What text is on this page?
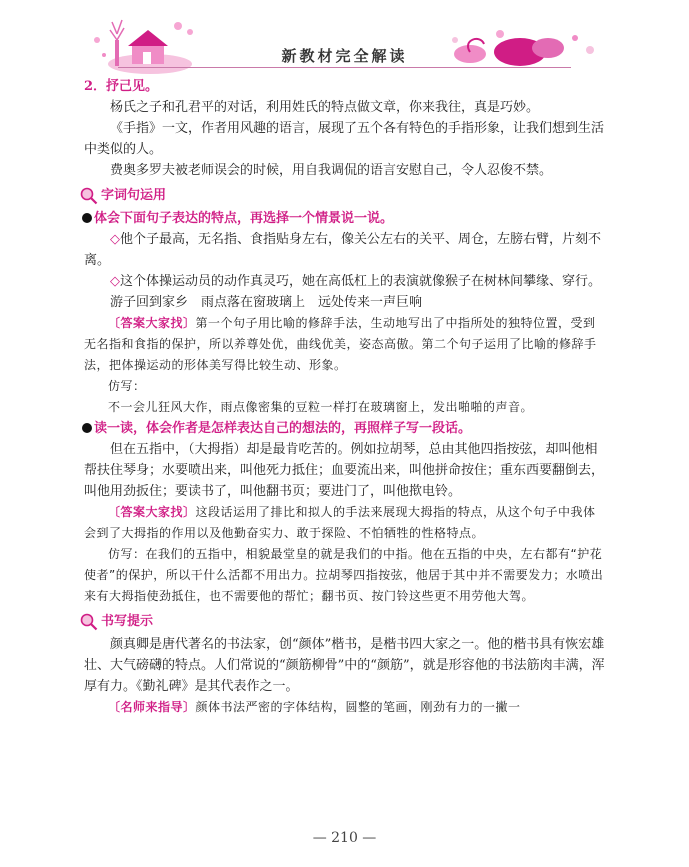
新教材完全解读

2．抒己见。

杨氏之子和孔君平的对话，利用姓氏的特点做文章，你来我往，真是巧妙。

《手指》一文，作者用风趣的语言，展现了五个各有特色的手指形象，让我们想到生活中类似的人。

费奥多罗夫被老师误会的时候，用自我调侃的语言安慰自己，令人忍俊不禁。

字词句运用

体会下面句子表达的特点，再选择一个情景说一说。

◇他个子最高，无名指、食指贴身左右，像关公左右的关平、周仓，左膀右臂，片刻不离。

◇这个体操运动员的动作真灵巧，她在高低杠上的表演就像猴子在树林间攀缘、穿行。

游子回到家乡　雨点落在窗玻璃上　远处传来一声巨响

〔答案大家找〕第一个句子用比喻的修辞手法，生动地写出了中指所处的独特位置，受到无名指和食指的保护，所以养尊处优，曲线优美，姿态高傲。第二个句子运用了比喻的修辞手法，把体操运动的形体美写得比较生动、形象。

仿写：

不一会儿狂风大作，雨点像密集的豆粒一样打在玻璃窗上，发出啪啪的声音。

读一读，体会作者是怎样表达自己的想法的，再照样子写一段话。

但在五指中，（大拇指）却是最肯吃苦的。例如拉胡琴，总由其他四指按弦，却叫他相帮扶住琴身；水要喷出来，叫他死力抵住；血要流出来，叫他拼命按住；重东西要翻倒去，叫他用劲扳住；要读书了，叫他翻书页；要进门了，叫他揿电铃。

〔答案大家找〕这段话运用了排比和拟人的手法来展现大拇指的特点，从这个句子中我体会到了大拇指的作用以及他勤奋实力、敢于探险、不怕牺牲的性格特点。

仿写：在我们的五指中，相貌最堂皇的就是我们的中指。他在五指的中央，左右都有“护花使者”的保护，所以干什么活都不用出力。拉胡琴四指按弦，他居于其中并不需要发力；水喷出来有大拇指使劲抵住，也不需要他的帮忙；翻书页、按门铃这些更不用劳他大驾。

书写提示

颜真卿是唐代著名的书法家，创“颜体”楷书，是楷书四大家之一。他的楷书具有恢宏雄壮、大气磅礴的特点。人们常说的“颜筋柳骨”中的“颜筋”，就是形容他的书法筋肉丰满，浑厚有力。《勤礼碑》是其代表作之一。

〔名师来指导〕颜体书法严密的字体结构，圆整的笔画，刚劲有力的一撇一

— 210 —
